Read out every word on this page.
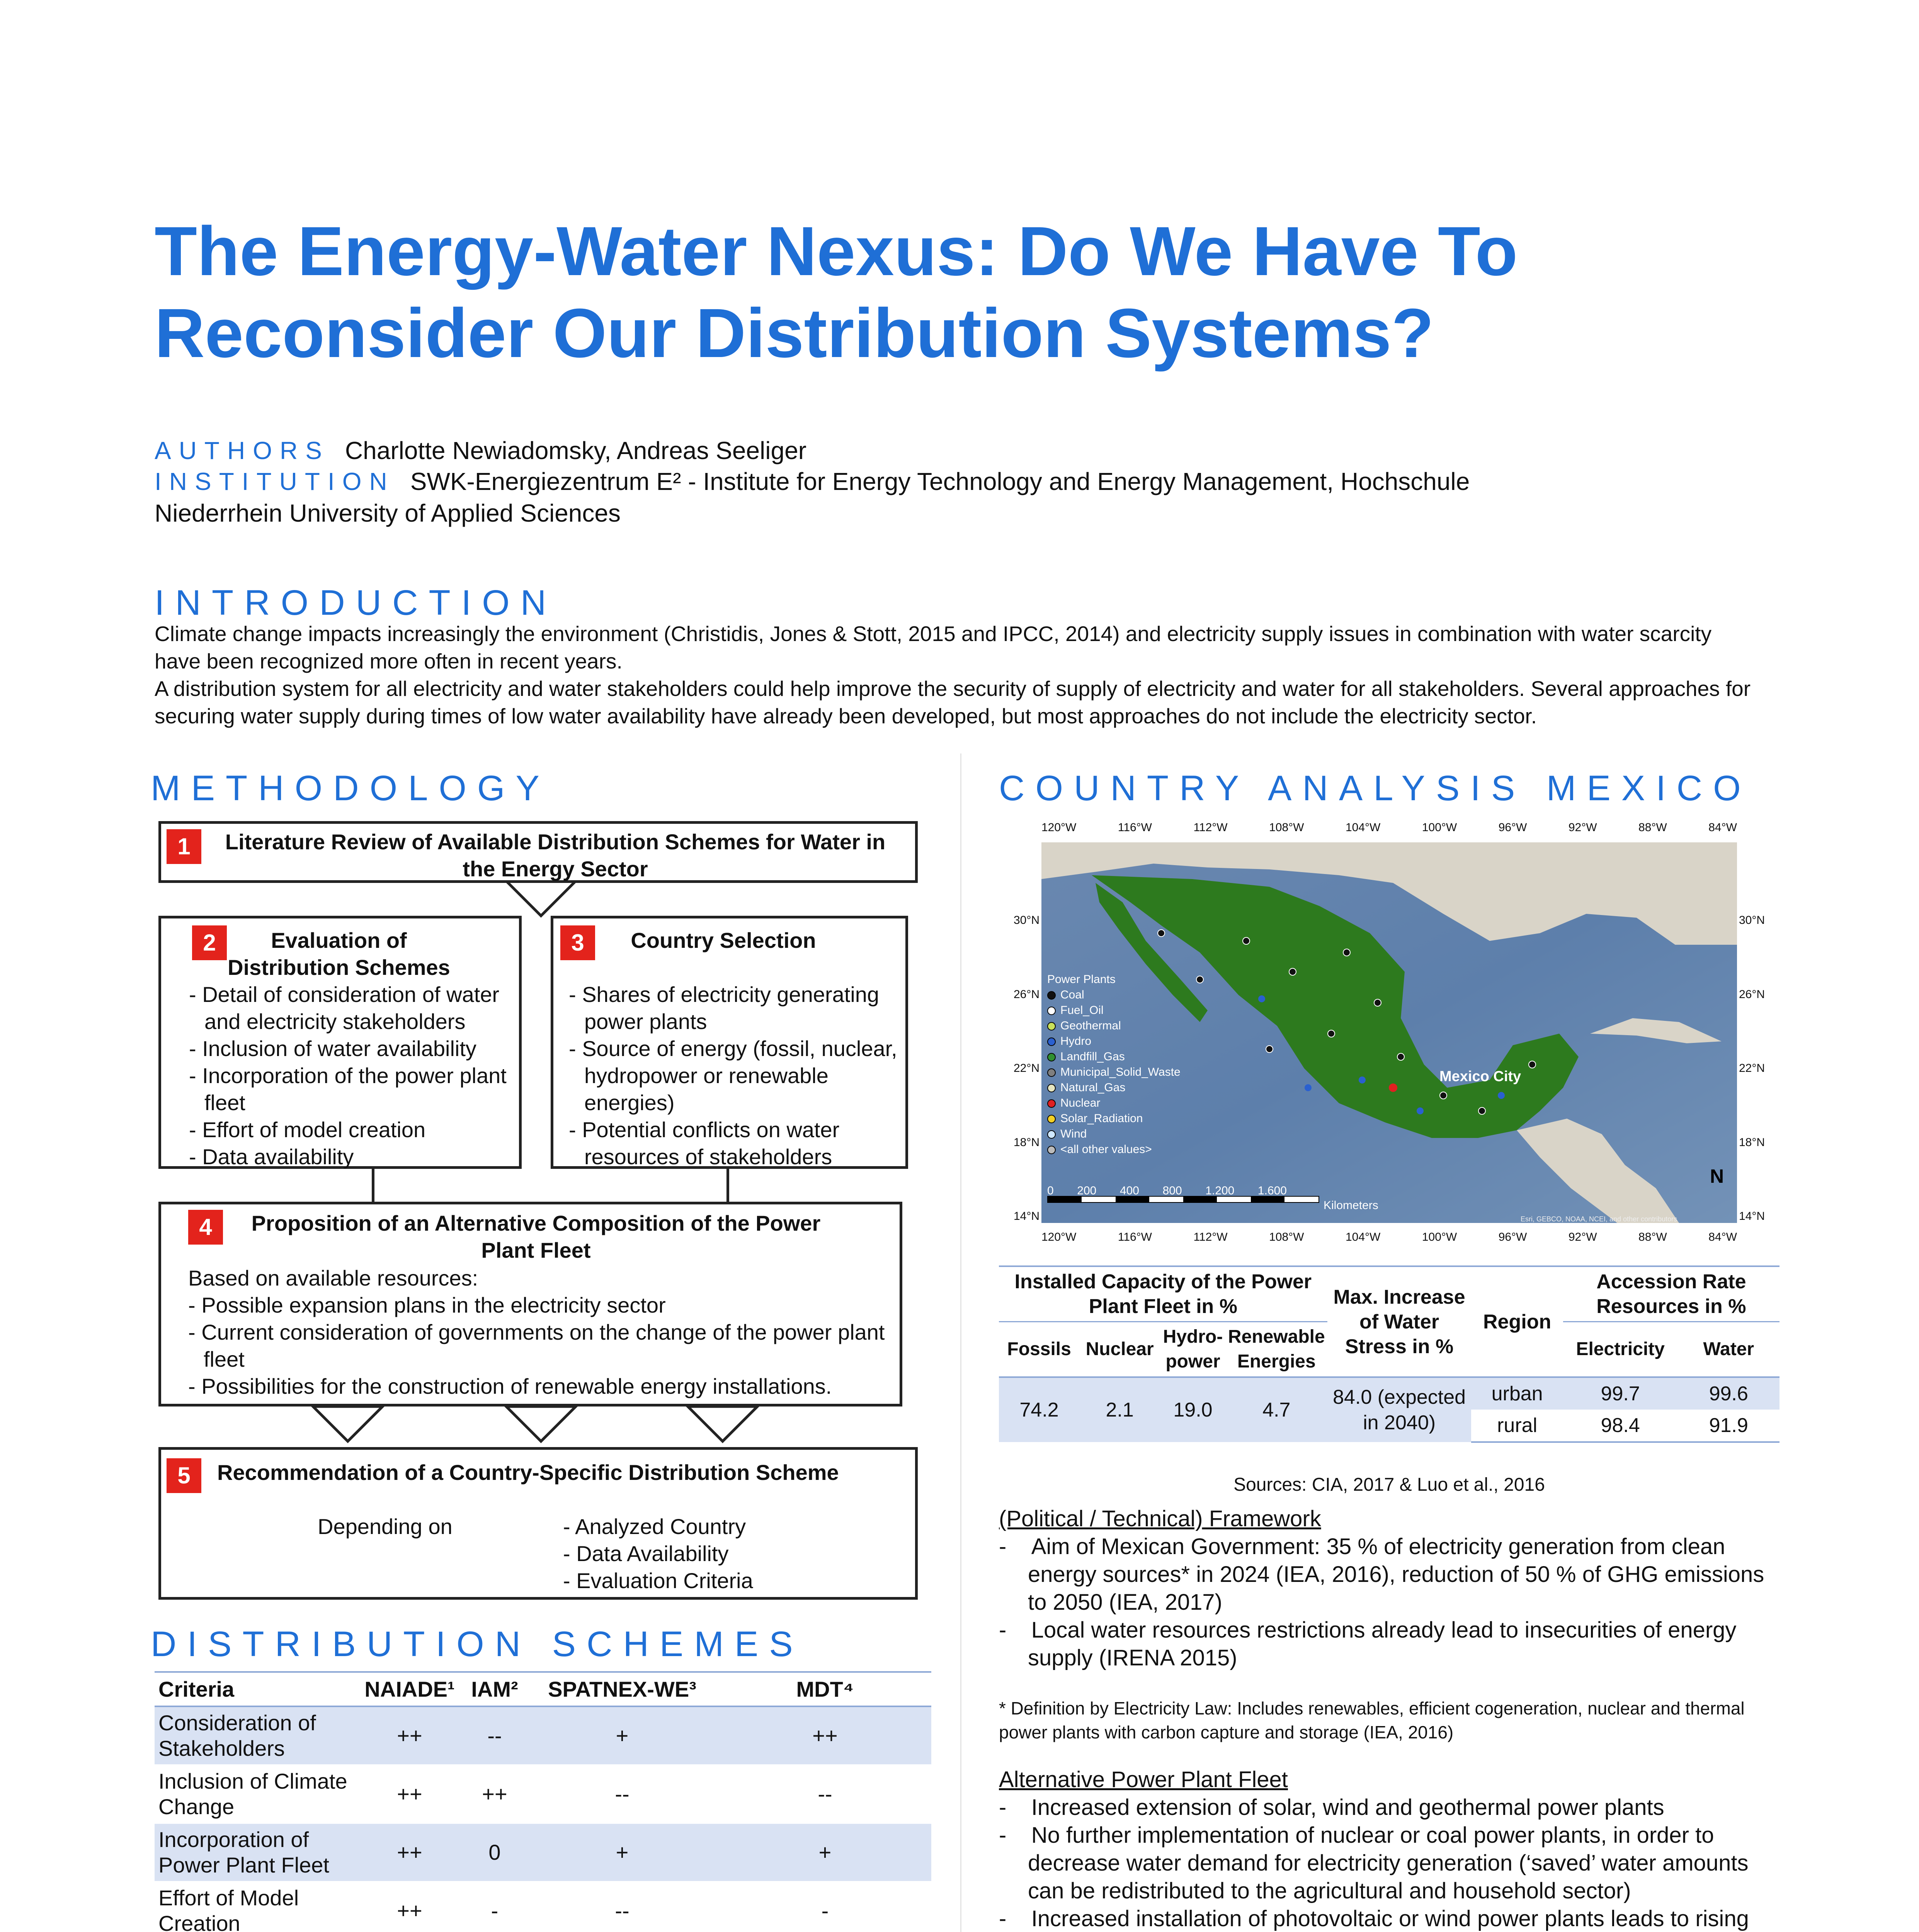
The Energy-Water Nexus: Do We Have To Reconsider Our Distribution Systems?
AUTHORS Charlotte Newiadomsky, Andreas Seeliger
INSTITUTION SWK-Energiezentrum E² - Institute for Energy Technology and Energy Management, Hochschule Niederrhein University of Applied Sciences
INTRODUCTION
Climate change impacts increasingly the environment (Christidis, Jones & Stott, 2015 and IPCC, 2014) and electricity supply issues in combination with water scarcity have been recognized more often in recent years.
A distribution system for all electricity and water stakeholders could help improve the security of supply of electricity and water for all stakeholders. Several approaches for securing water supply during times of low water availability have already been developed, but most approaches do not include the electricity sector.
METHODOLOGY
1	Literature Review of Available Distribution Schemes for Water in the Energy Sector
2	Evaluation of Distribution Schemes
- Detail of consideration of water and electricity stakeholders
- Inclusion of water availability
- Incorporation of the power plant fleet
- Effort of model creation
- Data availability
3	Country Selection
- Shares of electricity generating power plants
- Source of energy (fossil, nuclear, hydropower or renewable energies)
- Potential conflicts on water resources of stakeholders
4	Proposition of an Alternative Composition of the Power Plant Fleet
Based on available resources:
- Possible expansion plans in the electricity sector
- Current consideration of governments on the change of the power plant fleet
- Possibilities for the construction of renewable energy installations.
5	Recommendation of a Country-Specific Distribution Scheme
Depending on	- Analyzed Country
- Data Availability
- Evaluation Criteria
DISTRIBUTION SCHEMES
Criteria	NAIADE¹	IAM²	SPATNEX-WE³	MDT⁴
Consideration of Stakeholders	++	--	+	++
Inclusion of Climate Change	++	++	--	--
Incorporation of Power Plant Fleet	++	0	+	+
Effort of Model Creation	++	-	--	-

COUNTRY ANALYSIS MEXICO
120°W	116°W	112°W	108°W	104°W	100°W	96°W	92°W	88°W	84°W
120°W	116°W	112°W	108°W	104°W	100°W	96°W	92°W	88°W	84°W
30°N
26°N
22°N
18°N
14°N
30°N
26°N
22°N
18°N
14°N
Power Plants
Coal
Fuel_Oil
Geothermal
Hydro
Landfill_Gas
Municipal_Solid_Waste
Natural_Gas
Nuclear
Solar_Radiation
Wind
<all other values>
Mexico City
0 200 400 800 1.200 1.600
Kilometers
N
Esri, GEBCO, NOAA, NCEI, and other contributors
Installed Capacity of the Power Plant Fleet in %				Max. Increase of Water Stress in %	Region	Accession Rate Resources in %	
Fossils	Nuclear	Hydro-power	Renewable Energies			Electricity	Water
74.2	2.1	19.0	4.7	84.0 (expected in 2040)	urban	99.7	99.6
					rural	98.4	91.9
Sources: CIA, 2017 & Luo et al., 2016
(Political / Technical) Framework
-    Aim of Mexican Government: 35 % of electricity generation from clean energy sources* in 2024 (IEA, 2016), reduction of 50 % of GHG emissions to 2050 (IEA, 2017)
-    Local water resources restrictions already lead to insecurities of energy supply (IRENA 2015)
* Definition by Electricity Law: Includes renewables, efficient cogeneration, nuclear and thermal power plants with carbon capture and storage (IEA, 2016)
Alternative Power Plant Fleet
-    Increased extension of solar, wind and geothermal power plants
-    No further implementation of nuclear or coal power plants, in order to decrease water demand for electricity generation (‘saved’ water amounts can be redistributed to the agricultural and household sector)
-    Increased installation of photovoltaic or wind power plants leads to rising
